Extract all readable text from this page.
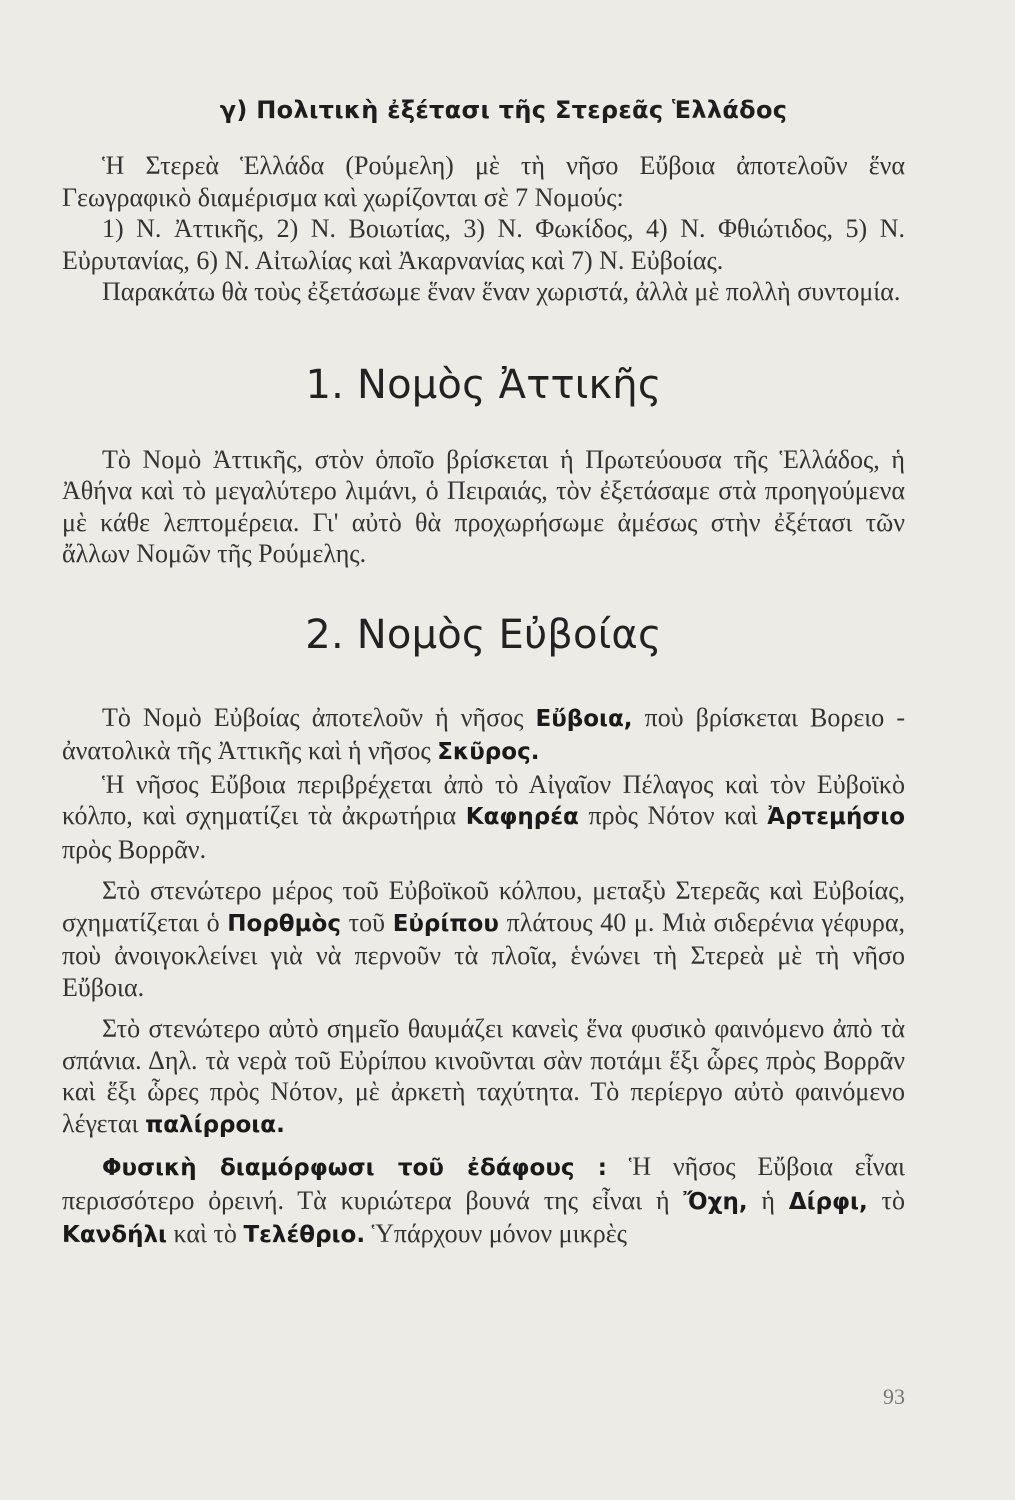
γ) Πολιτικὴ ἐξέτασι τῆς Στερεᾶς Ἑλλάδος

Ἡ Στερεὰ Ἑλλάδα (Ρούμελη) μὲ τὴ νῆσο Εὔβοια ἀποτελοῦν ἕνα Γεωγραφικὸ διαμέρισμα καὶ χωρίζονται σὲ 7 Νομούς:

1) Ν. Ἀττικῆς, 2) Ν. Βοιωτίας, 3) Ν. Φωκίδος, 4) Ν. Φθιώτιδος, 5) Ν. Εὐρυτανίας, 6) Ν. Αἰτωλίας καὶ Ἀκαρνανίας καὶ 7) Ν. Εὐβοίας.

Παρακάτω θὰ τοὺς ἐξετάσωμε ἕναν ἕναν χωριστά, ἀλλὰ μὲ πολλὴ συντομία.

1. Νομὸς Ἀττικῆς

Τὸ Νομὸ Ἀττικῆς, στὸν ὁποῖο βρίσκεται ἡ Πρωτεύουσα τῆς Ἑλλάδος, ἡ Ἀθήνα καὶ τὸ μεγαλύτερο λιμάνι, ὁ Πειραιάς, τὸν ἐξετάσαμε στὰ προηγούμενα μὲ κάθε λεπτομέρεια. Γι' αὐτὸ θὰ προχωρήσωμε ἀμέσως στὴν ἐξέτασι τῶν ἄλλων Νομῶν τῆς Ρούμελης.

2. Νομὸς Εὐβοίας

Τὸ Νομὸ Εὐβοίας ἀποτελοῦν ἡ νῆσος Εὔβοια, ποὺ βρίσκεται Βορειο - ἀνατολικὰ τῆς Ἀττικῆς καὶ ἡ νῆσος Σκῦρος.

Ἡ νῆσος Εὔβοια περιβρέχεται ἀπὸ τὸ Αἰγαῖον Πέλαγος καὶ τὸν Εὐβοϊκὸ κόλπο, καὶ σχηματίζει τὰ ἀκρωτήρια Καφηρέα πρὸς Νότον καὶ Ἀρτεμήσιο πρὸς Βορρᾶν.

Στὸ στενώτερο μέρος τοῦ Εὐβοϊκοῦ κόλπου, μεταξὺ Στερεᾶς καὶ Εὐβοίας, σχηματίζεται ὁ Πορθμὸς τοῦ Εὐρίπου πλάτους 40 μ. Μιὰ σιδερένια γέφυρα, ποὺ ἀνοιγοκλείνει γιὰ νὰ περνοῦν τὰ πλοῖα, ἑνώνει τὴ Στερεὰ μὲ τὴ νῆσο Εὔβοια.

Στὸ στενώτερο αὐτὸ σημεῖο θαυμάζει κανεὶς ἕνα φυσικὸ φαινόμενο ἀπὸ τὰ σπάνια. Δηλ. τὰ νερὰ τοῦ Εὐρίπου κινοῦνται σὰν ποτάμι ἕξι ὧρες πρὸς Βορρᾶν καὶ ἕξι ὧρες πρὸς Νότον, μὲ ἀρκετὴ ταχύτητα. Τὸ περίεργο αὐτὸ φαινόμενο λέγεται παλίρροια.

Φυσικὴ διαμόρφωσι τοῦ ἐδάφους : Ἡ νῆσος Εὔβοια εἶναι περισσότερο ὀρεινή. Τὰ κυριώτερα βουνά της εἶναι ἡ Ὄχη, ἡ Δίρφι, τὸ Κανδήλι καὶ τὸ Τελέθριο. Ὑπάρχουν μόνον μικρὲς

93
